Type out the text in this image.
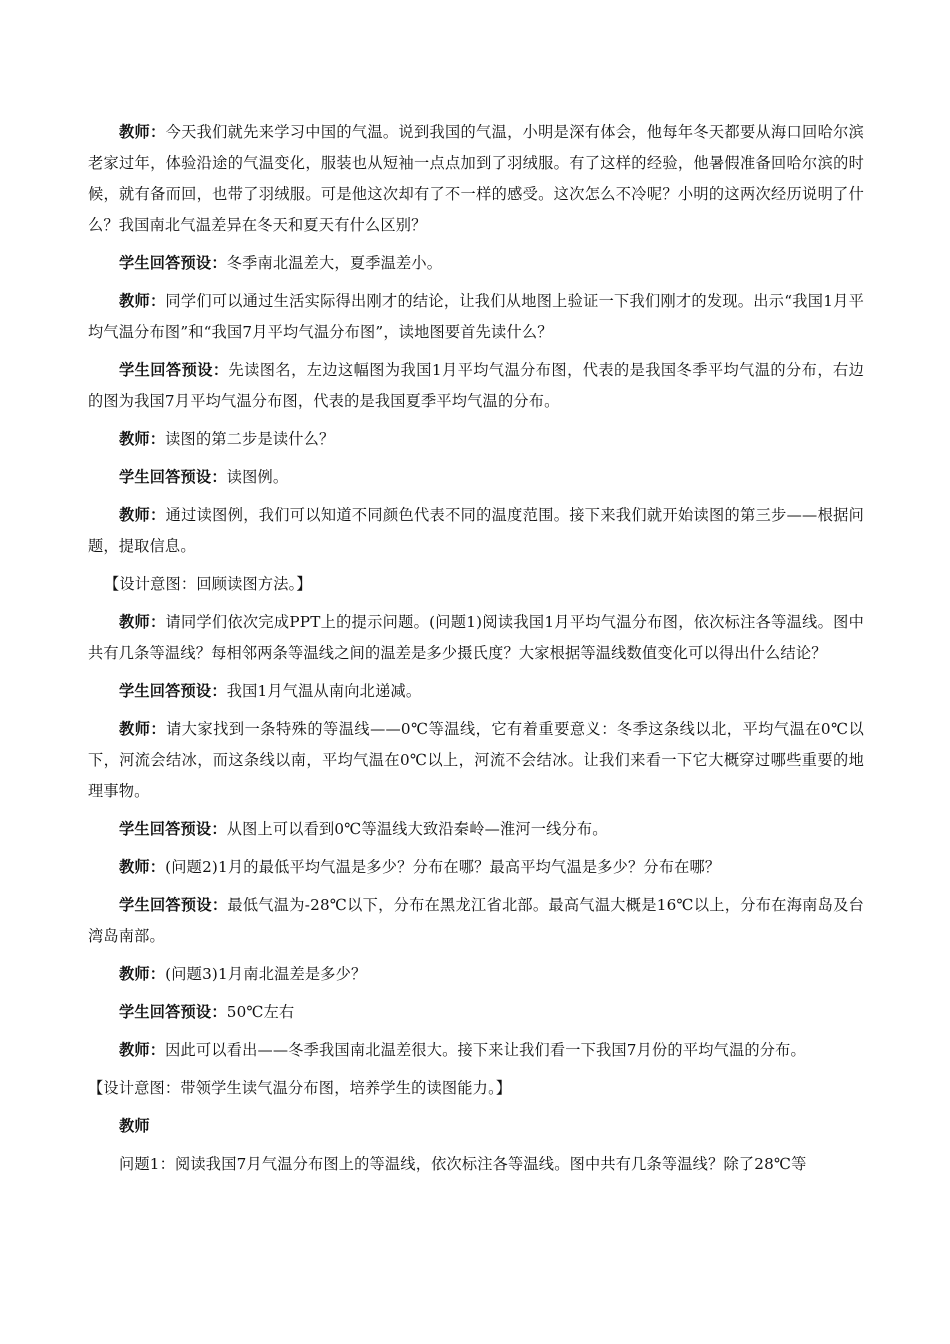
教师：今天我们就先来学习中国的气温。说到我国的气温，小明是深有体会，他每年冬天都要从海口回哈尔滨老家过年，体验沿途的气温变化，服装也从短袖一点点加到了羽绒服。有了这样的经验，他暑假准备回哈尔滨的时候，就有备而回，也带了羽绒服。可是他这次却有了不一样的感受。这次怎么不冷呢？小明的这两次经历说明了什么？我国南北气温差异在冬天和夏天有什么区别？

学生回答预设：冬季南北温差大，夏季温差小。

教师：同学们可以通过生活实际得出刚才的结论，让我们从地图上验证一下我们刚才的发现。出示“我国1月平均气温分布图”和“我国7月平均气温分布图”，读地图要首先读什么？

学生回答预设：先读图名，左边这幅图为我国1月平均气温分布图，代表的是我国冬季平均气温的分布，右边的图为我国7月平均气温分布图，代表的是我国夏季平均气温的分布。

教师：读图的第二步是读什么？

学生回答预设：读图例。

教师：通过读图例，我们可以知道不同颜色代表不同的温度范围。接下来我们就开始读图的第三步——根据问题，提取信息。

【设计意图：回顾读图方法。】

教师：请同学们依次完成PPT上的提示问题。(问题1)阅读我国1月平均气温分布图，依次标注各等温线。图中共有几条等温线？每相邻两条等温线之间的温差是多少摄氏度？大家根据等温线数值变化可以得出什么结论？

学生回答预设：我国1月气温从南向北递减。

教师：请大家找到一条特殊的等温线——0℃等温线，它有着重要意义：冬季这条线以北，平均气温在0℃以下，河流会结冰，而这条线以南，平均气温在0℃以上，河流不会结冰。让我们来看一下它大概穿过哪些重要的地理事物。

学生回答预设：从图上可以看到0℃等温线大致沿秦岭—淮河一线分布。

教师：(问题2)1月的最低平均气温是多少？分布在哪？最高平均气温是多少？分布在哪？

学生回答预设：最低气温为-28℃以下，分布在黑龙江省北部。最高气温大概是16℃以上，分布在海南岛及台湾岛南部。

教师：(问题3)1月南北温差是多少？

学生回答预设：50℃左右

教师：因此可以看出——冬季我国南北温差很大。接下来让我们看一下我国7月份的平均气温的分布。

【设计意图：带领学生读气温分布图，培养学生的读图能力。】

教师

问题1：阅读我国7月气温分布图上的等温线，依次标注各等温线。图中共有几条等温线？除了28℃等
